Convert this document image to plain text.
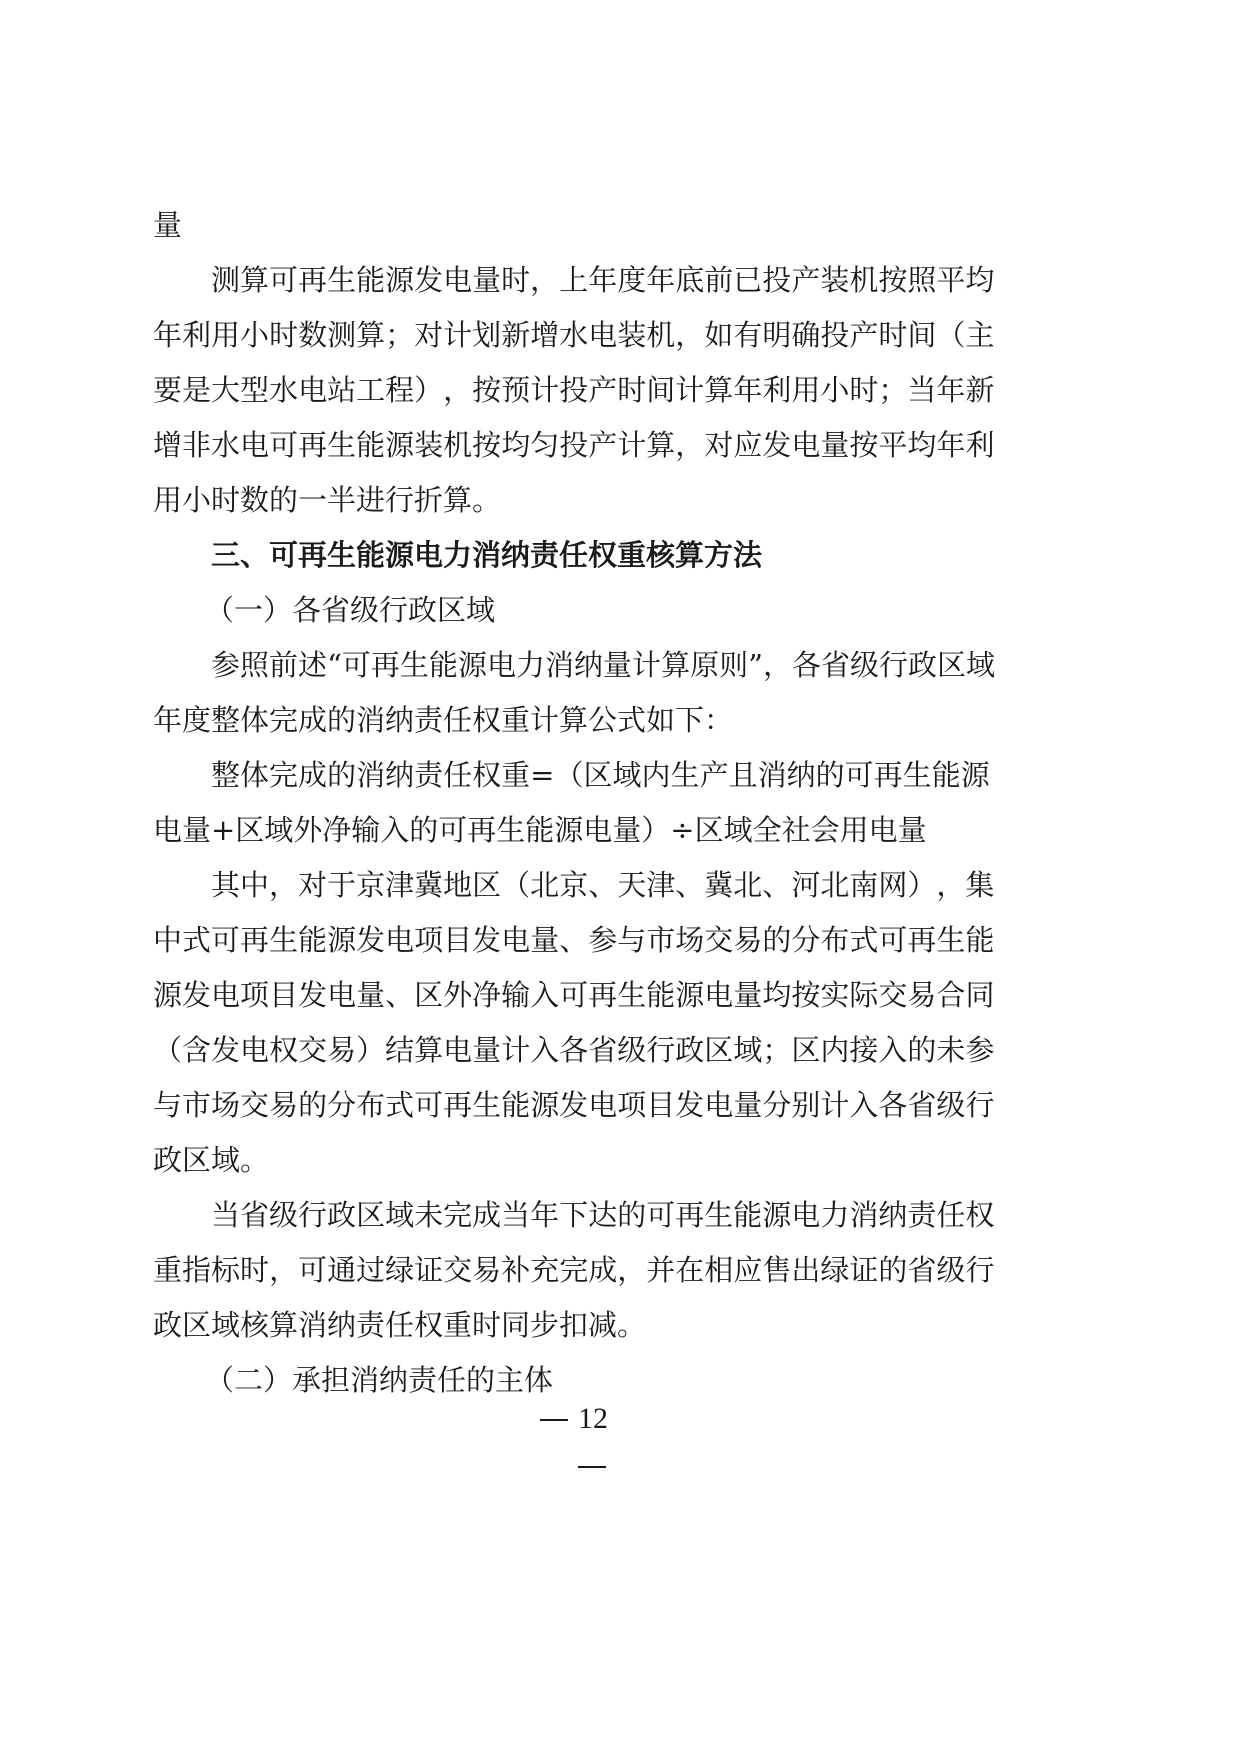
量
测 算 可 再 生 能 源 发 电 量 时 ， 上 年 度 年 底 前 已 投 产 装 机 按 照 平 均
年 利 用 小 时 数 测 算 ； 对 计 划 新 增 水 电 装 机 ， 如 有 明 确 投 产 时 间 （ 主
要 是 大 型 水 电 站 工 程 ） ， 按 预 计 投 产 时 间 计 算 年 利 用 小 时 ； 当 年 新
增 非 水 电 可 再 生 能 源 装 机 按 均 匀 投 产 计 算 ， 对 应 发 电 量 按 平 均 年 利
用小时数的一半进行折算。
三、可再生能源电力消纳责任权重核算方法
（一）各省级行政区域
参 照 前 述 “ 可 再 生 能 源 电 力 消 纳 量 计 算 原 则 ” ， 各 省 级 行 政 区 域
年度整体完成的消纳责任权重计算公式如下：
整 体 完 成 的 消 纳 责 任 权 重 = （ 区 域 内 生 产 且 消 纳 的 可 再 生 能 源
电量+区域外净输入的可再生能源电量）÷区域全社会用电量
其 中 ， 对 于 京 津 冀 地 区 （ 北 京 、 天 津 、 冀 北 、 河 北 南 网 ） ， 集
中 式 可 再 生 能 源 发 电 项 目 发 电 量 、 参 与 市 场 交 易 的 分 布 式 可 再 生 能
源 发 电 项 目 发 电 量 、 区 外 净 输 入 可 再 生 能 源 电 量 均 按 实 际 交 易 合 同
（ 含 发 电 权 交 易 ） 结 算 电 量 计 入 各 省 级 行 政 区 域 ； 区 内 接 入 的 未 参
与 市 场 交 易 的 分 布 式 可 再 生 能 源 发 电 项 目 发 电 量 分 别 计 入 各 省 级 行
政区域。
当 省 级 行 政 区 域 未 完 成 当 年 下 达 的 可 再 生 能 源 电 力 消 纳 责 任 权
重 指 标 时 ， 可 通 过 绿 证 交 易 补 充 完 成 ， 并 在 相 应 售 出 绿 证 的 省 级 行
政区域核算消纳责任权重时同步扣减。
（二）承担消纳责任的主体
12
